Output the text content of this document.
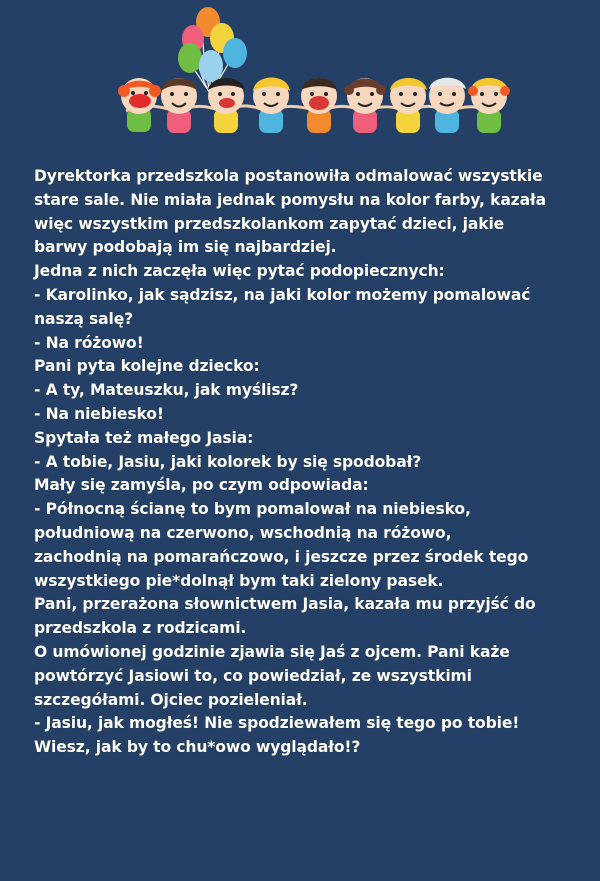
Dyrektorka przedszkola postanowiła odmalować wszystkie
stare sale. Nie miała jednak pomysłu na kolor farby, kazała
więc wszystkim przedszkolankom zapytać dzieci, jakie
barwy podobają im się najbardziej.
Jedna z nich zaczęła więc pytać podopiecznych:
- Karolinko, jak sądzisz, na jaki kolor możemy pomalować
naszą salę?
- Na różowo!
Pani pyta kolejne dziecko:
- A ty, Mateuszku, jak myślisz?
- Na niebiesko!
Spytała też małego Jasia:
- A tobie, Jasiu, jaki kolorek by się spodobał?
Mały się zamyśla, po czym odpowiada:
- Północną ścianę to bym pomalował na niebiesko,
południową na czerwono, wschodnią na różowo,
zachodnią na pomarańczowo, i jeszcze przez środek tego
wszystkiego pie*dolnął bym taki zielony pasek.
Pani, przerażona słownictwem Jasia, kazała mu przyjść do
przedszkola z rodzicami.
O umówionej godzinie zjawia się Jaś z ojcem. Pani każe
powtórzyć Jasiowi to, co powiedział, ze wszystkimi
szczegółami. Ojciec pozieleniał.
- Jasiu, jak mogłeś! Nie spodziewałem się tego po tobie!
Wiesz, jak by to chu*owo wyglądało!?
